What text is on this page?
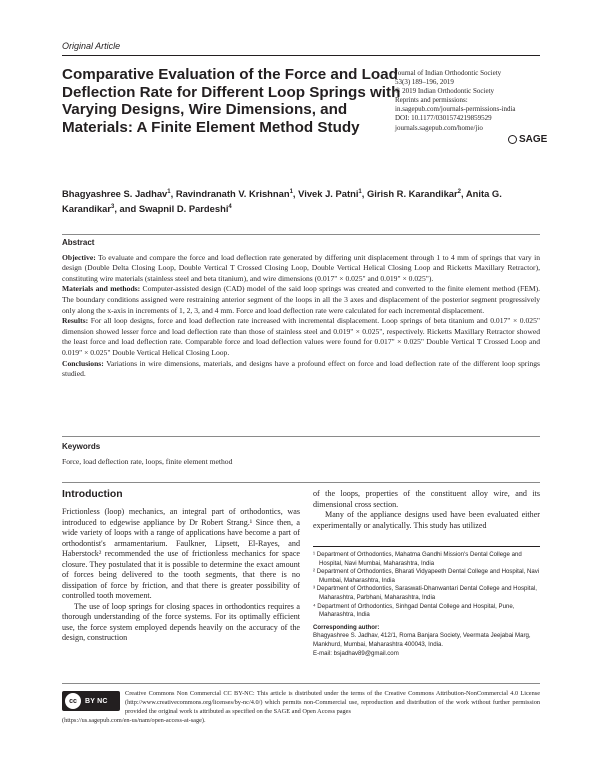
Original Article
Comparative Evaluation of the Force and Load Deflection Rate for Different Loop Springs with Varying Designs, Wire Dimensions, and Materials: A Finite Element Method Study
Journal of Indian Orthodontic Society
53(3) 189–196, 2019
© 2019 Indian Orthodontic Society
Reprints and permissions:
in.sagepub.com/journals-permissions-india
DOI: 10.1177/0301574219859529
journals.sagepub.com/home/jio
SAGE
Bhagyashree S. Jadhav$^1$, Ravindranath V. Krishnan$^1$, Vivek J. Patni$^1$, Girish R. Karandikar$^2$, Anita G. Karandikar$^3$, and Swapnil D. Pardeshi$^4$
Abstract
Objective: To evaluate and compare the force and load deflection rate generated by differing unit displacement through 1 to 4 mm of springs that vary in design (Double Delta Closing Loop, Double Vertical T Crossed Closing Loop, Double Vertical Helical Closing Loop and Ricketts Maxillary Retractor), constituting wire materials (stainless steel and beta titanium), and wire dimensions (0.017" × 0.025" and 0.019" × 0.025").
Materials and methods: Computer-assisted design (CAD) model of the said loop springs was created and converted to the finite element method (FEM). The boundary conditions assigned were restraining anterior segment of the loops in all the 3 axes and displacement of the posterior segment progressively only along the x-axis in increments of 1, 2, 3, and 4 mm. Force and load deflection rate were calculated for each incremental displacement.
Results: For all loop designs, force and load deflection rate increased with incremental displacement. Loop springs of beta titanium and 0.017" × 0.025" dimension showed lesser force and load deflection rate than those of stainless steel and 0.019" × 0.025", respectively. Ricketts Maxillary Retractor showed the least force and load deflection rate. Comparable force and load deflection values were found for 0.017" × 0.025" Double Vertical T Crossed Loop and 0.019" × 0.025" Double Vertical Helical Closing Loop.
Conclusions: Variations in wire dimensions, materials, and designs have a profound effect on force and load deflection rate of the different loop springs studied.
Keywords
Force, load deflection rate, loops, finite element method
Introduction

Frictionless (loop) mechanics, an integral part of orthodontics, was introduced to edgewise appliance by Dr Robert Strang.¹ Since then, a wide variety of loops with a range of applications have become a part of orthodontist's armamentarium. Faulkner, Lipsett, El-Rayes, and Haberstock² recommended the use of frictionless mechanics for space closure. They postulated that it is possible to determine the exact amount of forces being delivered to the tooth segments, that there is no dissipation of force by friction, and that there is greater possibility of controlled tooth movement.

The use of loop springs for closing spaces in orthodontics requires a thorough understanding of the force systems. For its optimally efficient use, the force system employed depends heavily on the accuracy of the design, construction

of the loops, properties of the constituent alloy wire, and its dimensional cross section.

Many of the appliance designs used have been evaluated either experimentally or analytically. This study has utilized

¹ Department of Orthodontics, Mahatma Gandhi Mission's Dental College and Hospital, Navi Mumbai, Maharashtra, India
² Department of Orthodontics, Bharati Vidyapeeth Dental College and Hospital, Navi Mumbai, Maharashtra, India
³ Department of Orthodontics, Saraswati-Dhanwantari Dental College and Hospital, Maharashtra, Parbhani, Maharashtra, India
⁴ Department of Orthodontics, Sinhgad Dental College and Hospital, Pune, Maharashtra, India
Corresponding author:
Bhagyashree S. Jadhav, 412/1, Roma Banjara Society, Veermata Jeejabai Marg, Mankhurd, Mumbai, Maharashtra 400043, India.
E-mail: bsjadhav89@gmail.com
cc	BY NC
Creative Commons Non Commercial CC BY-NC: This article is distributed under the terms of the Creative Commons Attribution-NonCommercial 4.0 License (http://www.creativecommons.org/licenses/by-nc/4.0/) which permits non-Commercial use, reproduction and distribution of the work without further permission provided the original work is attributed as specified on the SAGE and Open Access pages
(https://us.sagepub.com/en-us/nam/open-access-at-sage).
